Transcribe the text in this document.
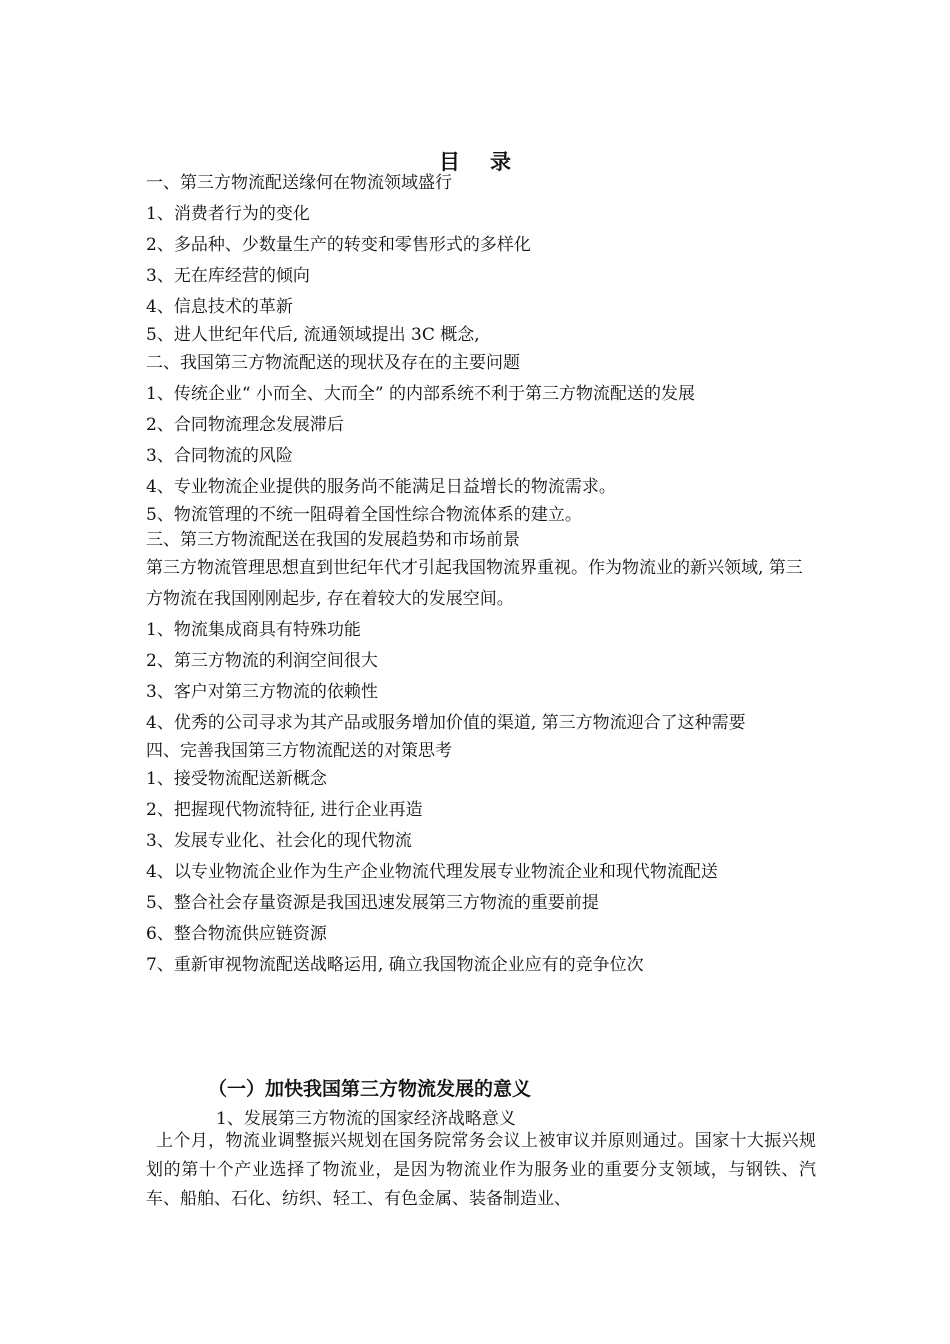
目录
一、第三方物流配送缘何在物流领域盛行
1、消费者行为的变化
2、多品种、少数量生产的转变和零售形式的多样化
3、无在库经营的倾向
4、信息技术的革新
5、进人世纪年代后, 流通领域提出 3C 概念,
二、我国第三方物流配送的现状及存在的主要问题
1、传统企业“ 小而全、大而全” 的内部系统不利于第三方物流配送的发展
2、合同物流理念发展滞后
3、合同物流的风险
4、专业物流企业提供的服务尚不能满足日益增长的物流需求。
5、物流管理的不统一阻碍着全国性综合物流体系的建立。
三、第三方物流配送在我国的发展趋势和市场前景
第三方物流管理思想直到世纪年代才引起我国物流界重视。作为物流业的新兴领域, 第三方物流在我国刚刚起步, 存在着较大的发展空间。
1、物流集成商具有特殊功能
2、第三方物流的利润空间很大
3、客户对第三方物流的依赖性
4、优秀的公司寻求为其产品或服务增加价值的渠道, 第三方物流迎合了这种需要
四、完善我国第三方物流配送的对策思考
1、接受物流配送新概念
2、把握现代物流特征, 进行企业再造
3、发展专业化、社会化的现代物流
4、以专业物流企业作为生产企业物流代理发展专业物流企业和现代物流配送
5、整合社会存量资源是我国迅速发展第三方物流的重要前提
6、整合物流供应链资源
7、重新审视物流配送战略运用, 确立我国物流企业应有的竞争位次
（一）加快我国第三方物流发展的意义
1、发展第三方物流的国家经济战略意义
上个月，物流业调整振兴规划在国务院常务会议上被审议并原则通过。国家十大振兴规划的第十个产业选择了物流业，是因为物流业作为服务业的重要分支领域，与钢铁、汽车、船舶、石化、纺织、轻工、有色金属、装备制造业、
